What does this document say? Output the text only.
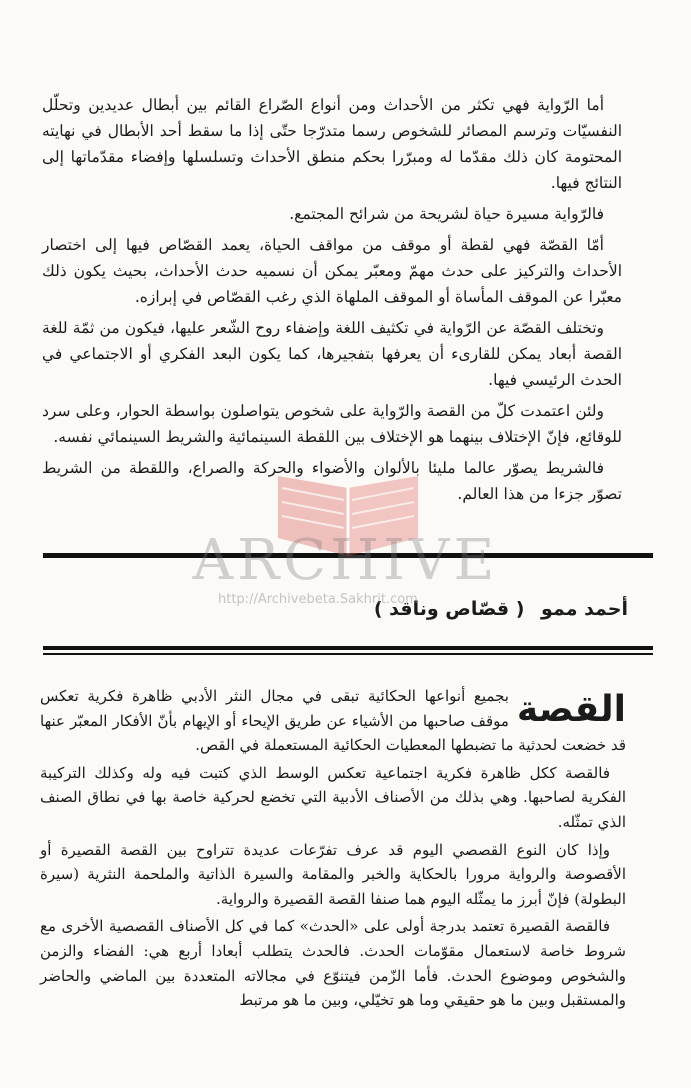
أما الرّواية فهي تكثر من الأحداث ومن أنواع الصّراع القائم بين أبطال عديدين وتحلّل النفسيّات وترسم المصائر للشخوص رسما متدرّجا حتّى إذا ما سقط أحد الأبطال في نهايته المحتومة كان ذلك مقدّما له ومبرّرا بحكم منطق الأحداث وتسلسلها وإفضاء مقدّماتها إلى النتائج فيها.

فالرّواية مسيرة حياة لشريحة من شرائح المجتمع.

أمّا القصّة فهي لقطة أو موقف من مواقف الحياة، يعمد القصّاص فيها إلى اختصار الأحداث والتركيز على حدث مهمّ ومعبّر يمكن أن نسميه حدث الأحداث، بحيث يكون ذلك معبّرا عن الموقف المأساة أو الموقف الملهاة الذي رغب القصّاص في إبرازه.

وتختلف القصّة عن الرّواية في تكثيف اللغة وإضفاء روح الشّعر عليها، فيكون من ثمّة للغة القصة أبعاد يمكن للقارىء أن يعرفها بتفجيرها، كما يكون البعد الفكري أو الاجتماعي في الحدث الرئيسي فيها.

ولئن اعتمدت كلّ من القصة والرّواية على شخوص يتواصلون بواسطة الحوار، وعلى سرد للوقائع، فإنّ الإختلاف بينهما هو الإختلاف بين اللقطة السينمائية والشريط السينمائي نفسه.

فالشريط يصوّر عالما مليئا بالألوان والأضواء والحركة والصراع، واللقطة من الشريط تصوّر جزءا من هذا العالم.

أحمد ممو ( قصّاص وناقد )
القصة

بجميع أنواعها الحكائية تبقى في مجال النثر الأدبي ظاهرة فكرية تعكس موقف صاحبها من الأشياء عن طريق الإيحاء أو الإيهام بأنّ الأفكار المعبّر عنها قد خضعت لحدثية ما تضبطها المعطيات الحكائية المستعملة في القص.

فالقصة ككل ظاهرة فكرية اجتماعية تعكس الوسط الذي كتبت فيه وله وكذلك التركيبة الفكرية لصاحبها. وهي بذلك من الأصناف الأدبية التي تخضع لحركية خاصة بها في نطاق الصنف الذي تمثّله.

وإذا كان النوع القصصي اليوم قد عرف تفرّعات عديدة تتراوح بين القصة القصيرة أو الأقصوصة والرواية مرورا بالحكاية والخبر والمقامة والسيرة الذاتية والملحمة النثرية (سيرة البطولة) فإنّ أبرز ما يمثّله اليوم هما صنفا القصة القصيرة والرواية.

فالقصة القصيرة تعتمد بدرجة أولى على «الحدث» كما في كل الأصناف القصصية الأخرى مع شروط خاصة لاستعمال مقوّمات الحدث. فالحدث يتطلب أبعادا أربع هي: الفضاء والزمن والشخوص وموضوع الحدث. فأما الزّمن فيتنوّع في مجالاته المتعددة بين الماضي والحاضر والمستقبل وبين ما هو حقيقي وما هو تخيّلي، وبين ما هو مرتبط

ARCHIVE
http://Archivebeta.Sakhrit.com
